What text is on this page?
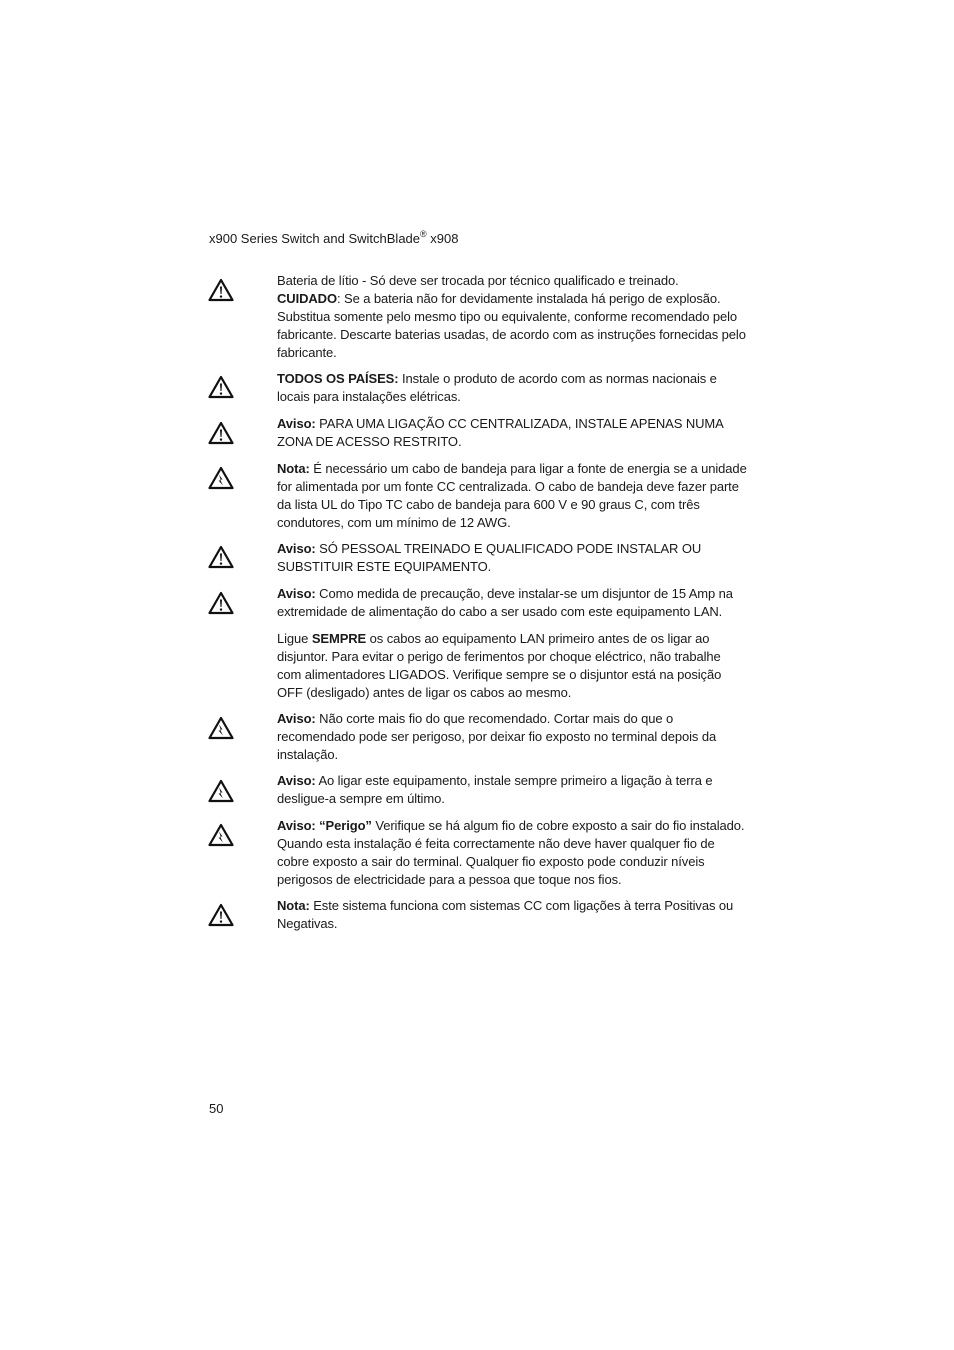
x900 Series Switch and SwitchBlade® x908
Bateria de lítio - Só deve ser trocada por técnico qualificado e treinado.
CUIDADO: Se a bateria não for devidamente instalada há perigo de explosão. Substitua somente pelo mesmo tipo ou equivalente, conforme recomendado pelo fabricante. Descarte baterias usadas, de acordo com as instruções fornecidas pelo fabricante.
TODOS OS PAÍSES: Instale o produto de acordo com as normas nacionais e locais para instalações elétricas.
Aviso: PARA UMA LIGAÇÃO CC CENTRALIZADA, INSTALE APENAS NUMA ZONA DE ACESSO RESTRITO.
Nota: É necessário um cabo de bandeja para ligar a fonte de energia se a unidade for alimentada por um fonte CC centralizada. O cabo de bandeja deve fazer parte da lista UL do Tipo TC cabo de bandeja para 600 V e 90 graus C, com três condutores, com um mínimo de 12 AWG.
Aviso: SÓ PESSOAL TREINADO E QUALIFICADO PODE INSTALAR OU SUBSTITUIR ESTE EQUIPAMENTO.
Aviso: Como medida de precaução, deve instalar-se um disjuntor de 15 Amp na extremidade de alimentação do cabo a ser usado com este equipamento LAN.
Ligue SEMPRE os cabos ao equipamento LAN primeiro antes de os ligar ao disjuntor. Para evitar o perigo de ferimentos por choque eléctrico, não trabalhe com alimentadores LIGADOS. Verifique sempre se o disjuntor está na posição OFF (desligado) antes de ligar os cabos ao mesmo.
Aviso: Não corte mais fio do que recomendado. Cortar mais do que o recomendado pode ser perigoso, por deixar fio exposto no terminal depois da instalação.
Aviso: Ao ligar este equipamento, instale sempre primeiro a ligação à terra e desligue-a sempre em último.
Aviso: “Perigo” Verifique se há algum fio de cobre exposto a sair do fio instalado. Quando esta instalação é feita correctamente não deve haver qualquer fio de cobre exposto a sair do terminal. Qualquer fio exposto pode conduzir níveis perigosos de electricidade para a pessoa que toque nos fios.
Nota: Este sistema funciona com sistemas CC com ligações à terra Positivas ou Negativas.
50
